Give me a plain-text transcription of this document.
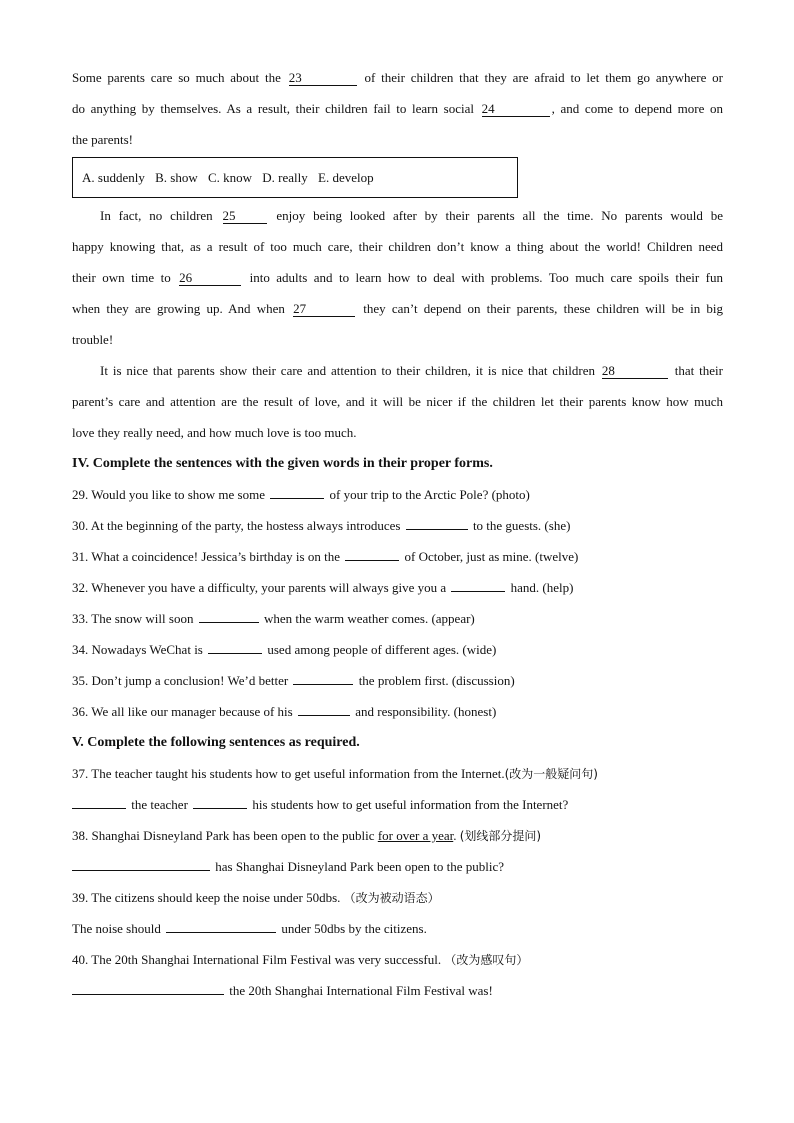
Some parents care so much about the 23	of their children that they are afraid to let them go anywhere or
do anything by themselves. As a result, their children fail to learn social 24	, and come to depend more on
the parents!
A. suddenly B. show C. know D. really E. develop
In fact, no children 25	enjoy being looked after by their parents all the time. No parents would be
happy knowing that, as a result of too much care, their children don’t know a thing about the world! Children need
their own time to 26	into adults and to learn how to deal with problems. Too much care spoils their fun
when they are growing up. And when 27	they can’t depend on their parents, these children will be in big
trouble!
It is nice that parents show their care and attention to their children, it is nice that children 28	that their
parent’s care and attention are the result of love, and it will be nicer if the children let their parents know how much
love they really need, and how much love is too much.
IV. Complete the sentences with the given words in their proper forms.
29. Would you like to show me some	of your trip to the Arctic Pole? (photo)
30. At the beginning of the party, the hostess always introduces	to the guests. (she)
31. What a coincidence! Jessica’s birthday is on the	of October, just as mine. (twelve)
32. Whenever you have a difficulty, your parents will always give you a	hand. (help)
33. The snow will soon	when the warm weather comes. (appear)
34. Nowadays WeChat is	used among people of different ages. (wide)
35. Don’t jump a conclusion! We’d better	the problem first. (discussion)
36. We all like our manager because of his	and responsibility. (honest)
V. Complete the following sentences as required.
37. The teacher taught his students how to get useful information from the Internet.(改为一般疑问句)
the teacher	his students how to get useful information from the Internet?
38. Shanghai Disneyland Park has been open to the public for over a year. (划线部分提问)
has Shanghai Disneyland Park been open to the public?
39. The citizens should keep the noise under 50dbs. （改为被动语态）
The noise should	under 50dbs by the citizens.
40. The 20th Shanghai International Film Festival was very successful. （改为感叹句）
the 20th Shanghai International Film Festival was!
